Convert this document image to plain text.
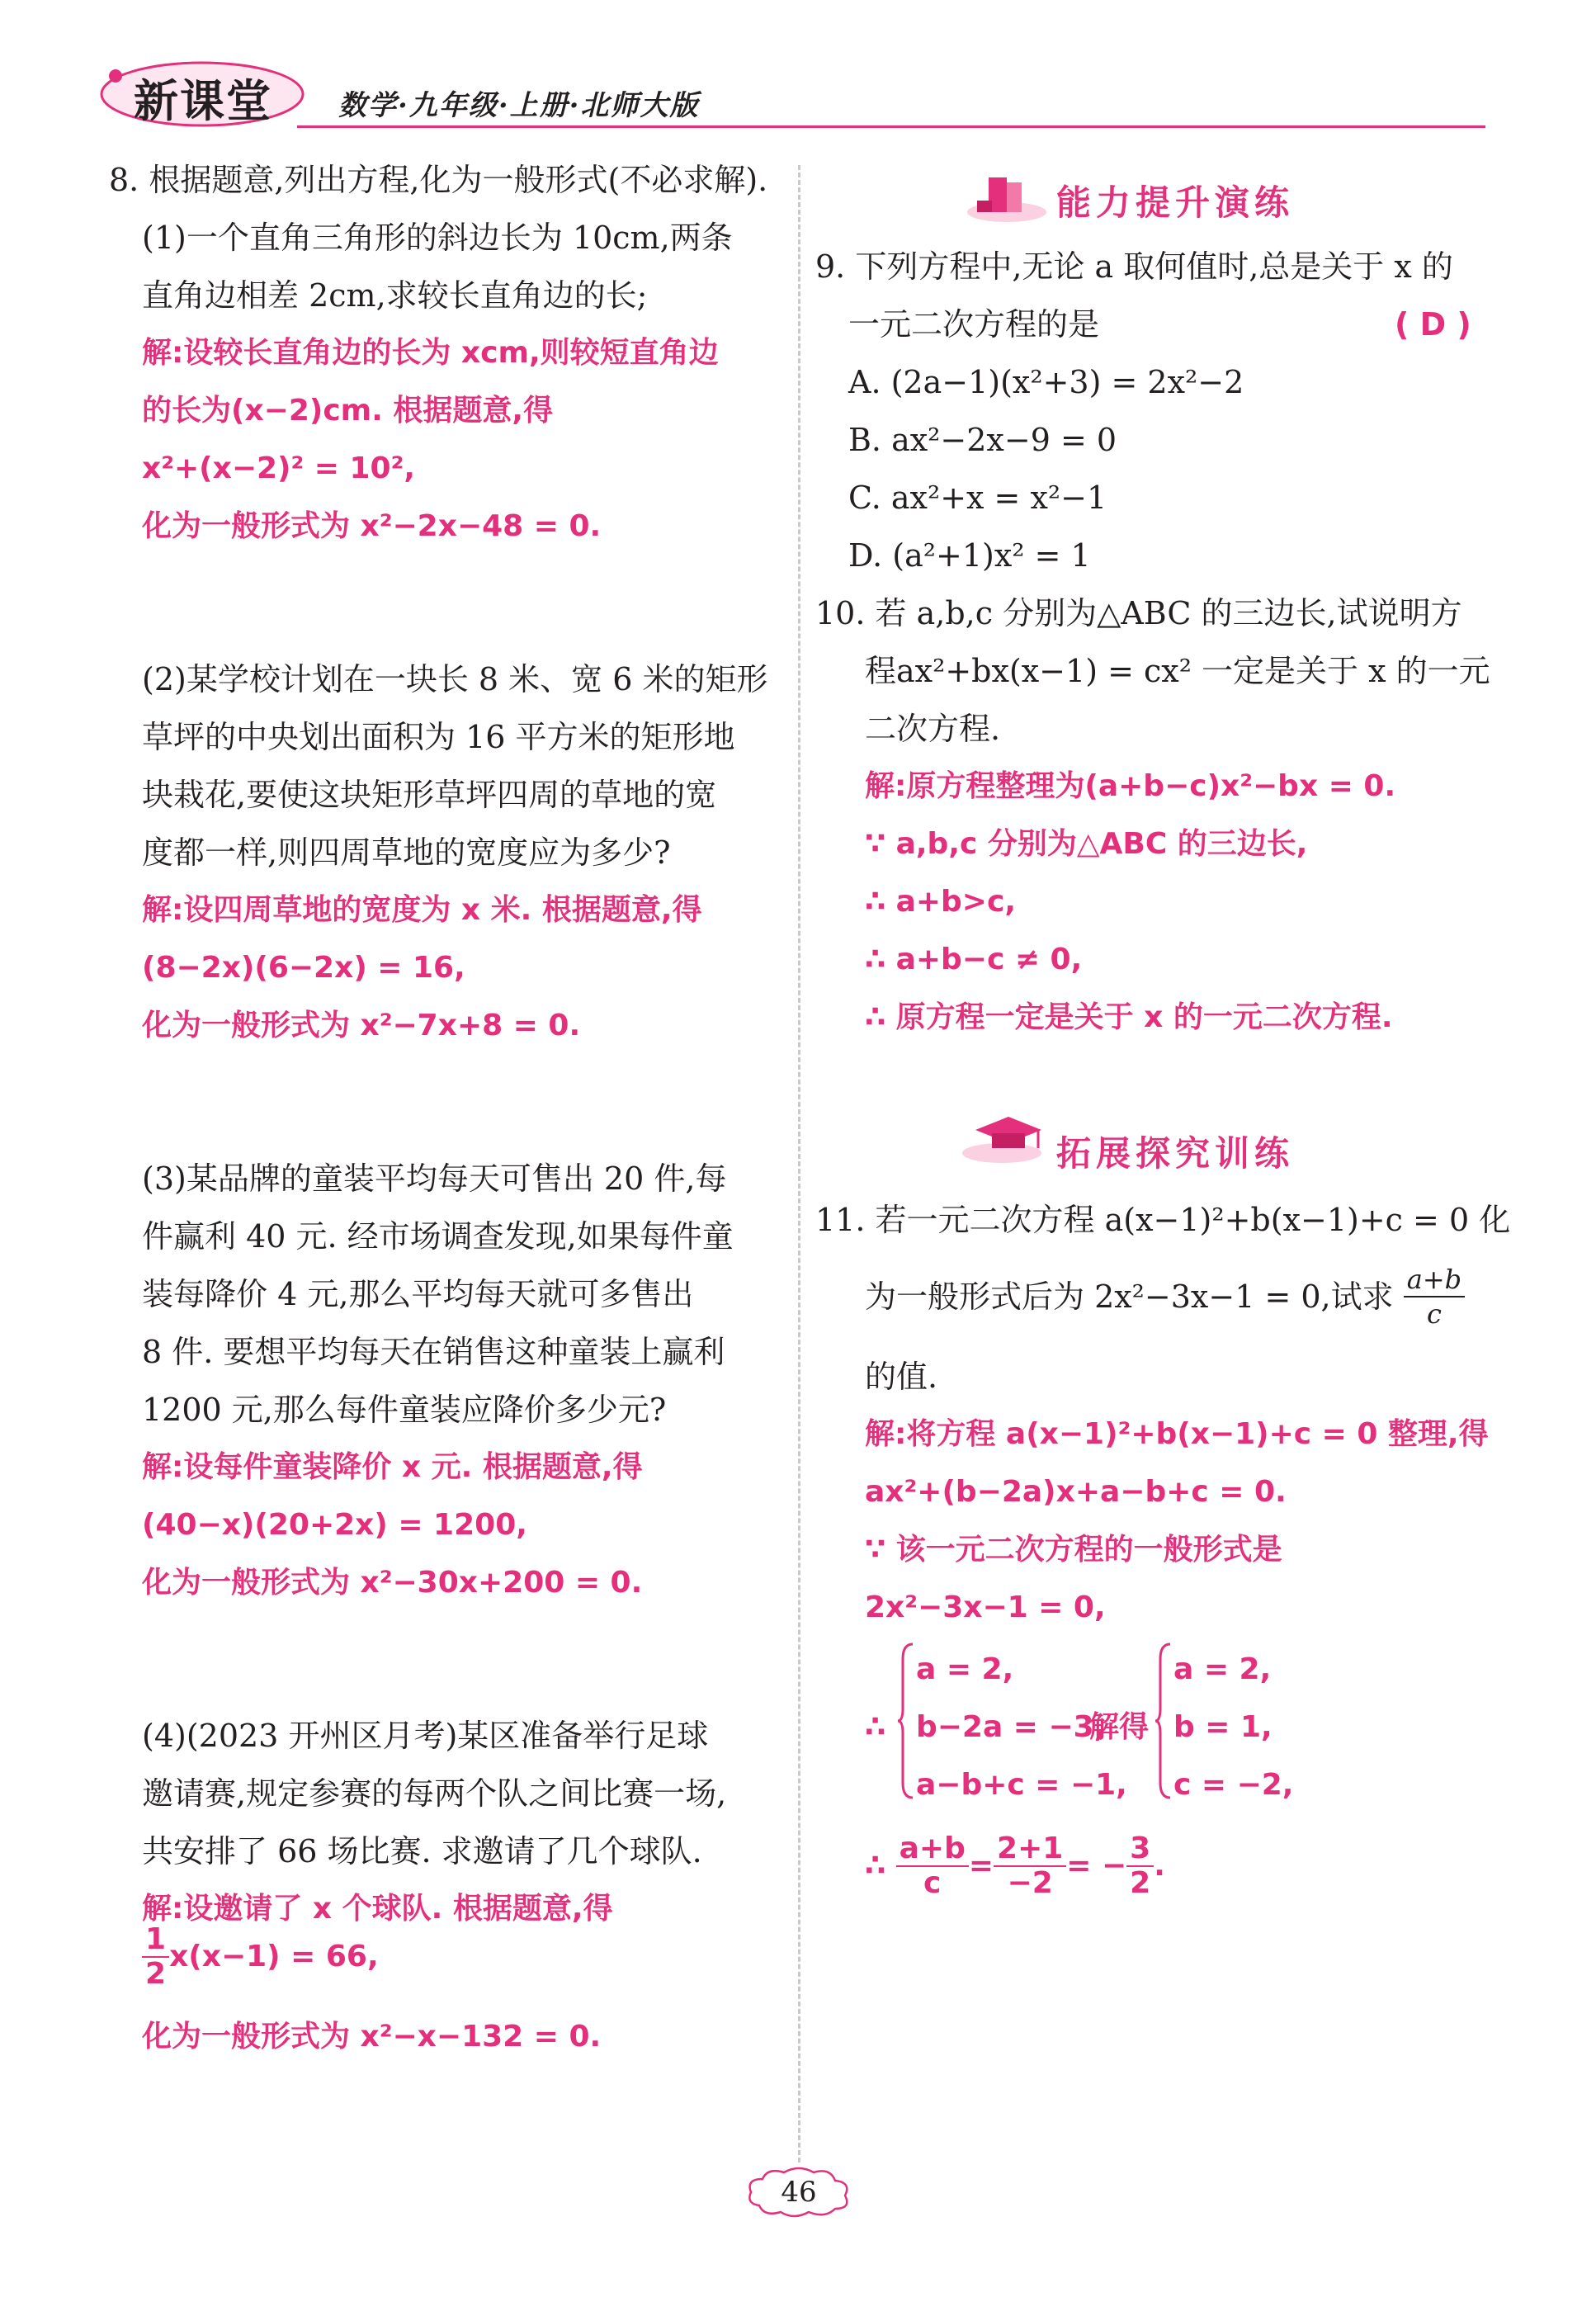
新课堂 数学·九年级·上册·北师大版
8. 根据题意,列出方程,化为一般形式(不必求解).
(1)一个直角三角形的斜边长为 10cm,两条
直角边相差 2cm,求较长直角边的长;
解:设较长直角边的长为 xcm,则较短直角边
的长为(x−2)cm. 根据题意,得
x²+(x−2)² = 10²,
化为一般形式为 x²−2x−48 = 0.
(2)某学校计划在一块长 8 米、宽 6 米的矩形
草坪的中央划出面积为 16 平方米的矩形地
块栽花,要使这块矩形草坪四周的草地的宽
度都一样,则四周草地的宽度应为多少?
解:设四周草地的宽度为 x 米. 根据题意,得
(8−2x)(6−2x) = 16,
化为一般形式为 x²−7x+8 = 0.
(3)某品牌的童装平均每天可售出 20 件,每
件赢利 40 元. 经市场调查发现,如果每件童
装每降价 4 元,那么平均每天就可多售出
8 件. 要想平均每天在销售这种童装上赢利
1200 元,那么每件童装应降价多少元?
解:设每件童装降价 x 元. 根据题意,得
(40−x)(20+2x) = 1200,
化为一般形式为 x²−30x+200 = 0.
(4)(2023 开州区月考)某区准备举行足球
邀请赛,规定参赛的每两个队之间比赛一场,
共安排了 66 场比赛. 求邀请了几个球队.
解:设邀请了 x 个球队. 根据题意,得
$\frac{1}{2} x(x-1) = 66$,
化为一般形式为 x²−x−132 = 0.
能力提升演练
9. 下列方程中,无论 a 取何值时,总是关于 x 的
一元二次方程的是	( D )
A. (2a−1)(x²+3) = 2x²−2
B. ax²−2x−9 = 0
C. ax²+x = x²−1
D. (a²+1)x² = 1
10. 若 a,b,c 分别为△ABC 的三边长,试说明方
程ax²+bx(x−1) = cx² 一定是关于 x 的一元
二次方程.
解:原方程整理为(a+b−c)x²−bx = 0.
∵ a,b,c 分别为△ABC 的三边长,
∴ a+b>c,
∴ a+b−c ≠ 0,
∴ 原方程一定是关于 x 的一元二次方程.
拓展探究训练
11. 若一元二次方程 a(x−1)²+b(x−1)+c = 0 化
为一般形式后为 2x²−3x−1 = 0,试求 $\frac{a+b}{c}$
的值.
解:将方程 a(x−1)²+b(x−1)+c = 0 整理,得
ax²+(b−2a)x+a−b+c = 0.
∵ 该一元二次方程的一般形式是
2x²−3x−1 = 0,
∴
a = 2,
b−2a = −3,
a−b+c = −1,
解得
a = 2,
b = 1,
c = −2,
∴ $\frac{a+b}{c} = \frac{2+1}{-2}$ = − $\frac{3}{2}$ .
46
